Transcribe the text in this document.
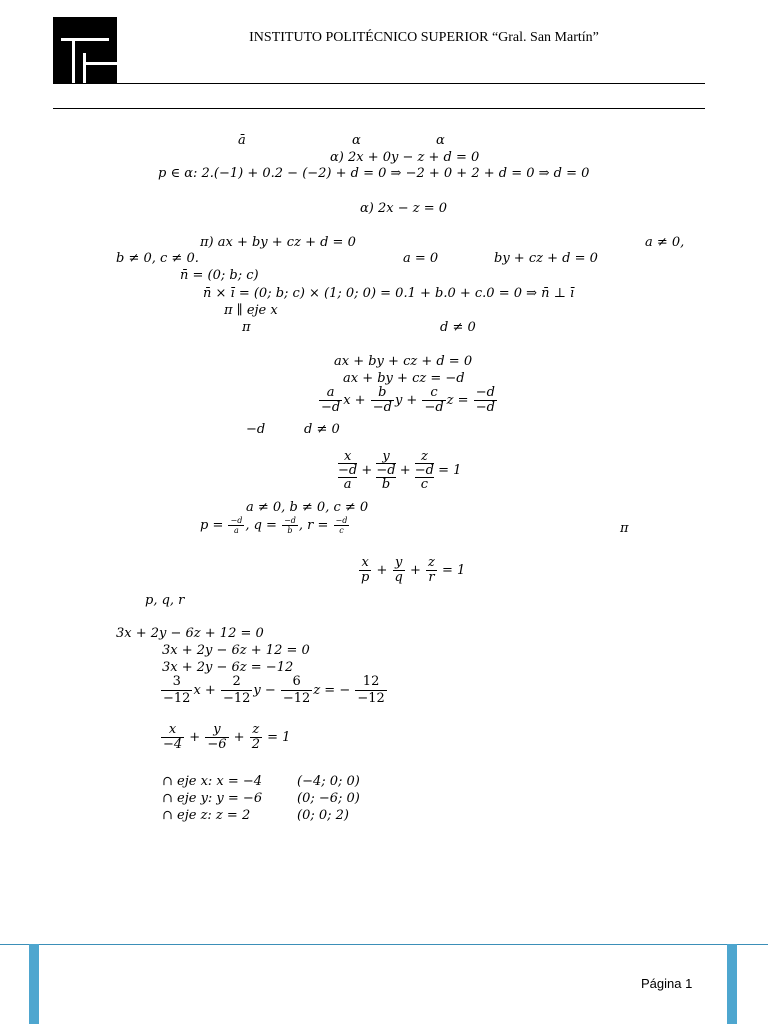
INSTITUTO POLITÉCNICO SUPERIOR “Gral. San Martín”
ā	α	α
α) 2x + 0y − z + d = 0
p ∈ α: 2.(−1) + 0.2 − (−2) + d = 0 ⇒ −2 + 0 + 2 + d = 0 ⇒ d = 0
α) 2x − z = 0
π) ax + by + cz + d = 0	a ≠ 0,
b ≠ 0, c ≠ 0.	a = 0	by + cz + d = 0
n̄ = (0; b; c)
n̄ × ī = (0; b; c) × (1; 0; 0) = 0.1 + b.0 + c.0 = 0 ⇒ n̄ ⊥ ī
π ∥ eje x
π	d ≠ 0
ax + by + cz + d = 0
ax + by + cz = −d
$\frac{a}{-d}$ $x + \frac{b}{-d}$ $y + \frac{c}{-d}$ $z = \frac{-d}{-d}$
−d	d ≠ 0
x
−d
a
+
y
−d
b
+
z
−d
c
= 1
a ≠ 0, b ≠ 0, c ≠ 0
$p = \frac{-d}{a}$ , $q = \frac{-d}{b}$ , $r = \frac{-d}{c}$	π
$\frac{x}{p} + \frac{y}{q} + \frac{z}{r} = 1$
p, q, r
3x + 2y − 6z + 12 = 0
3x + 2y − 6z + 12 = 0
3x + 2y − 6z = −12
$\frac{3}{-12}$ $x + \frac{2}{-12}$ $y - \frac{6}{-12}$ z = − $\frac{12}{-12}$
$\frac{x}{-4} + \frac{y}{-6} + \frac{z}{2} = 1$
∩ eje x: x = −4	(−4; 0; 0)
∩ eje y: y = −6	(0; −6; 0)
∩ eje z: z = 2	(0; 0; 2)
Página 1
